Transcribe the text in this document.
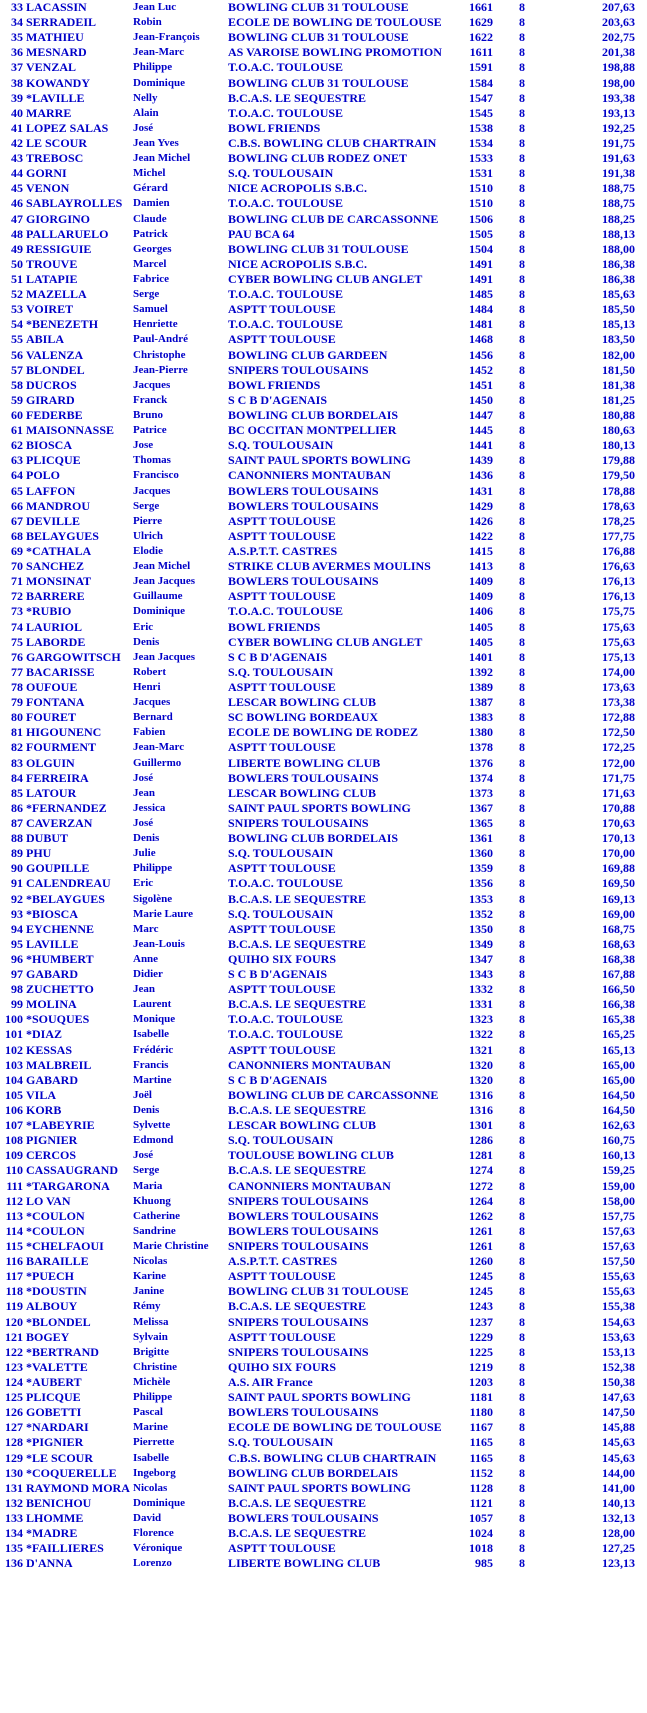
33	LACASSIN	Jean Luc	BOWLING CLUB 31 TOULOUSE	1661	8	207,63
34	SERRADEIL	Robin	ECOLE DE BOWLING DE TOULOUSE	1629	8	203,63
35	MATHIEU	Jean-François	BOWLING CLUB 31 TOULOUSE	1622	8	202,75
36	MESNARD	Jean-Marc	AS VAROISE BOWLING PROMOTION	1611	8	201,38
37	VENZAL	Philippe	T.O.A.C. TOULOUSE	1591	8	198,88
38	KOWANDY	Dominique	BOWLING CLUB 31 TOULOUSE	1584	8	198,00
39	*LAVILLE	Nelly	B.C.A.S. LE SEQUESTRE	1547	8	193,38
40	MARRE	Alain	T.O.A.C. TOULOUSE	1545	8	193,13
41	LOPEZ SALAS	José	BOWL FRIENDS	1538	8	192,25
42	LE SCOUR	Jean Yves	C.B.S. BOWLING CLUB CHARTRAIN	1534	8	191,75
43	TREBOSC	Jean Michel	BOWLING CLUB RODEZ ONET	1533	8	191,63
44	GORNI	Michel	S.Q. TOULOUSAIN	1531	8	191,38
45	VENON	Gérard	NICE ACROPOLIS S.B.C.	1510	8	188,75
46	SABLAYROLLES	Damien	T.O.A.C. TOULOUSE	1510	8	188,75
47	GIORGINO	Claude	BOWLING CLUB DE CARCASSONNE	1506	8	188,25
48	PALLARUELO	Patrick	PAU BCA 64	1505	8	188,13
49	RESSIGUIE	Georges	BOWLING CLUB 31 TOULOUSE	1504	8	188,00
50	TROUVE	Marcel	NICE ACROPOLIS S.B.C.	1491	8	186,38
51	LATAPIE	Fabrice	CYBER BOWLING CLUB ANGLET	1491	8	186,38
52	MAZELLA	Serge	T.O.A.C. TOULOUSE	1485	8	185,63
53	VOIRET	Samuel	ASPTT TOULOUSE	1484	8	185,50
54	*BENEZETH	Henriette	T.O.A.C. TOULOUSE	1481	8	185,13
55	ABILA	Paul-André	ASPTT TOULOUSE	1468	8	183,50
56	VALENZA	Christophe	BOWLING CLUB GARDEEN	1456	8	182,00
57	BLONDEL	Jean-Pierre	SNIPERS TOULOUSAINS	1452	8	181,50
58	DUCROS	Jacques	BOWL FRIENDS	1451	8	181,38
59	GIRARD	Franck	S C B D'AGENAIS	1450	8	181,25
60	FEDERBE	Bruno	BOWLING CLUB BORDELAIS	1447	8	180,88
61	MAISONNASSE	Patrice	BC OCCITAN MONTPELLIER	1445	8	180,63
62	BIOSCA	Jose	S.Q. TOULOUSAIN	1441	8	180,13
63	PLICQUE	Thomas	SAINT PAUL SPORTS BOWLING	1439	8	179,88
64	POLO	Francisco	CANONNIERS MONTAUBAN	1436	8	179,50
65	LAFFON	Jacques	BOWLERS TOULOUSAINS	1431	8	178,88
66	MANDROU	Serge	BOWLERS TOULOUSAINS	1429	8	178,63
67	DEVILLE	Pierre	ASPTT TOULOUSE	1426	8	178,25
68	BELAYGUES	Ulrich	ASPTT TOULOUSE	1422	8	177,75
69	*CATHALA	Elodie	A.S.P.T.T. CASTRES	1415	8	176,88
70	SANCHEZ	Jean Michel	STRIKE CLUB AVERMES MOULINS	1413	8	176,63
71	MONSINAT	Jean Jacques	BOWLERS TOULOUSAINS	1409	8	176,13
72	BARRERE	Guillaume	ASPTT TOULOUSE	1409	8	176,13
73	*RUBIO	Dominique	T.O.A.C. TOULOUSE	1406	8	175,75
74	LAURIOL	Eric	BOWL FRIENDS	1405	8	175,63
75	LABORDE	Denis	CYBER BOWLING CLUB ANGLET	1405	8	175,63
76	GARGOWITSCH	Jean Jacques	S C B D'AGENAIS	1401	8	175,13
77	BACARISSE	Robert	S.Q. TOULOUSAIN	1392	8	174,00
78	OUFOUE	Henri	ASPTT TOULOUSE	1389	8	173,63
79	FONTANA	Jacques	LESCAR BOWLING CLUB	1387	8	173,38
80	FOURET	Bernard	SC BOWLING BORDEAUX	1383	8	172,88
81	HIGOUNENC	Fabien	ECOLE DE BOWLING DE RODEZ	1380	8	172,50
82	FOURMENT	Jean-Marc	ASPTT TOULOUSE	1378	8	172,25
83	OLGUIN	Guillermo	LIBERTE BOWLING CLUB	1376	8	172,00
84	FERREIRA	José	BOWLERS TOULOUSAINS	1374	8	171,75
85	LATOUR	Jean	LESCAR BOWLING CLUB	1373	8	171,63
86	*FERNANDEZ	Jessica	SAINT PAUL SPORTS BOWLING	1367	8	170,88
87	CAVERZAN	José	SNIPERS TOULOUSAINS	1365	8	170,63
88	DUBUT	Denis	BOWLING CLUB BORDELAIS	1361	8	170,13
89	PHU	Julie	S.Q. TOULOUSAIN	1360	8	170,00
90	GOUPILLE	Philippe	ASPTT TOULOUSE	1359	8	169,88
91	CALENDREAU	Eric	T.O.A.C. TOULOUSE	1356	8	169,50
92	*BELAYGUES	Sigolène	B.C.A.S. LE SEQUESTRE	1353	8	169,13
93	*BIOSCA	Marie Laure	S.Q. TOULOUSAIN	1352	8	169,00
94	EYCHENNE	Marc	ASPTT TOULOUSE	1350	8	168,75
95	LAVILLE	Jean-Louis	B.C.A.S. LE SEQUESTRE	1349	8	168,63
96	*HUMBERT	Anne	QUIHO SIX FOURS	1347	8	168,38
97	GABARD	Didier	S C B D'AGENAIS	1343	8	167,88
98	ZUCHETTO	Jean	ASPTT TOULOUSE	1332	8	166,50
99	MOLINA	Laurent	B.C.A.S. LE SEQUESTRE	1331	8	166,38
100	*SOUQUES	Monique	T.O.A.C. TOULOUSE	1323	8	165,38
101	*DIAZ	Isabelle	T.O.A.C. TOULOUSE	1322	8	165,25
102	KESSAS	Frédéric	ASPTT TOULOUSE	1321	8	165,13
103	MALBREIL	Francis	CANONNIERS MONTAUBAN	1320	8	165,00
104	GABARD	Martine	S C B D'AGENAIS	1320	8	165,00
105	VILA	Joël	BOWLING CLUB DE CARCASSONNE	1316	8	164,50
106	KORB	Denis	B.C.A.S. LE SEQUESTRE	1316	8	164,50
107	*LABEYRIE	Sylvette	LESCAR BOWLING CLUB	1301	8	162,63
108	PIGNIER	Edmond	S.Q. TOULOUSAIN	1286	8	160,75
109	CERCOS	José	TOULOUSE BOWLING CLUB	1281	8	160,13
110	CASSAUGRAND	Serge	B.C.A.S. LE SEQUESTRE	1274	8	159,25
111	*TARGARONA	Maria	CANONNIERS MONTAUBAN	1272	8	159,00
112	LO VAN	Khuong	SNIPERS TOULOUSAINS	1264	8	158,00
113	*COULON	Catherine	BOWLERS TOULOUSAINS	1262	8	157,75
114	*COULON	Sandrine	BOWLERS TOULOUSAINS	1261	8	157,63
115	*CHELFAOUI	Marie Christine	SNIPERS TOULOUSAINS	1261	8	157,63
116	BARAILLE	Nicolas	A.S.P.T.T. CASTRES	1260	8	157,50
117	*PUECH	Karine	ASPTT TOULOUSE	1245	8	155,63
118	*DOUSTIN	Janine	BOWLING CLUB 31 TOULOUSE	1245	8	155,63
119	ALBOUY	Rémy	B.C.A.S. LE SEQUESTRE	1243	8	155,38
120	*BLONDEL	Melissa	SNIPERS TOULOUSAINS	1237	8	154,63
121	BOGEY	Sylvain	ASPTT TOULOUSE	1229	8	153,63
122	*BERTRAND	Brigitte	SNIPERS TOULOUSAINS	1225	8	153,13
123	*VALETTE	Christine	QUIHO SIX FOURS	1219	8	152,38
124	*AUBERT	Michèle	A.S. AIR France	1203	8	150,38
125	PLICQUE	Philippe	SAINT PAUL SPORTS BOWLING	1181	8	147,63
126	GOBETTI	Pascal	BOWLERS TOULOUSAINS	1180	8	147,50
127	*NARDARI	Marine	ECOLE DE BOWLING DE TOULOUSE	1167	8	145,88
128	*PIGNIER	Pierrette	S.Q. TOULOUSAIN	1165	8	145,63
129	*LE SCOUR	Isabelle	C.B.S. BOWLING CLUB CHARTRAIN	1165	8	145,63
130	*COQUERELLE	Ingeborg	BOWLING CLUB BORDELAIS	1152	8	144,00
131	RAYMOND MORA	Nicolas	SAINT PAUL SPORTS BOWLING	1128	8	141,00
132	BENICHOU	Dominique	B.C.A.S. LE SEQUESTRE	1121	8	140,13
133	LHOMME	David	BOWLERS TOULOUSAINS	1057	8	132,13
134	*MADRE	Florence	B.C.A.S. LE SEQUESTRE	1024	8	128,00
135	*FAILLIERES	Véronique	ASPTT TOULOUSE	1018	8	127,25
136	D'ANNA	Lorenzo	LIBERTE BOWLING CLUB	985	8	123,13
